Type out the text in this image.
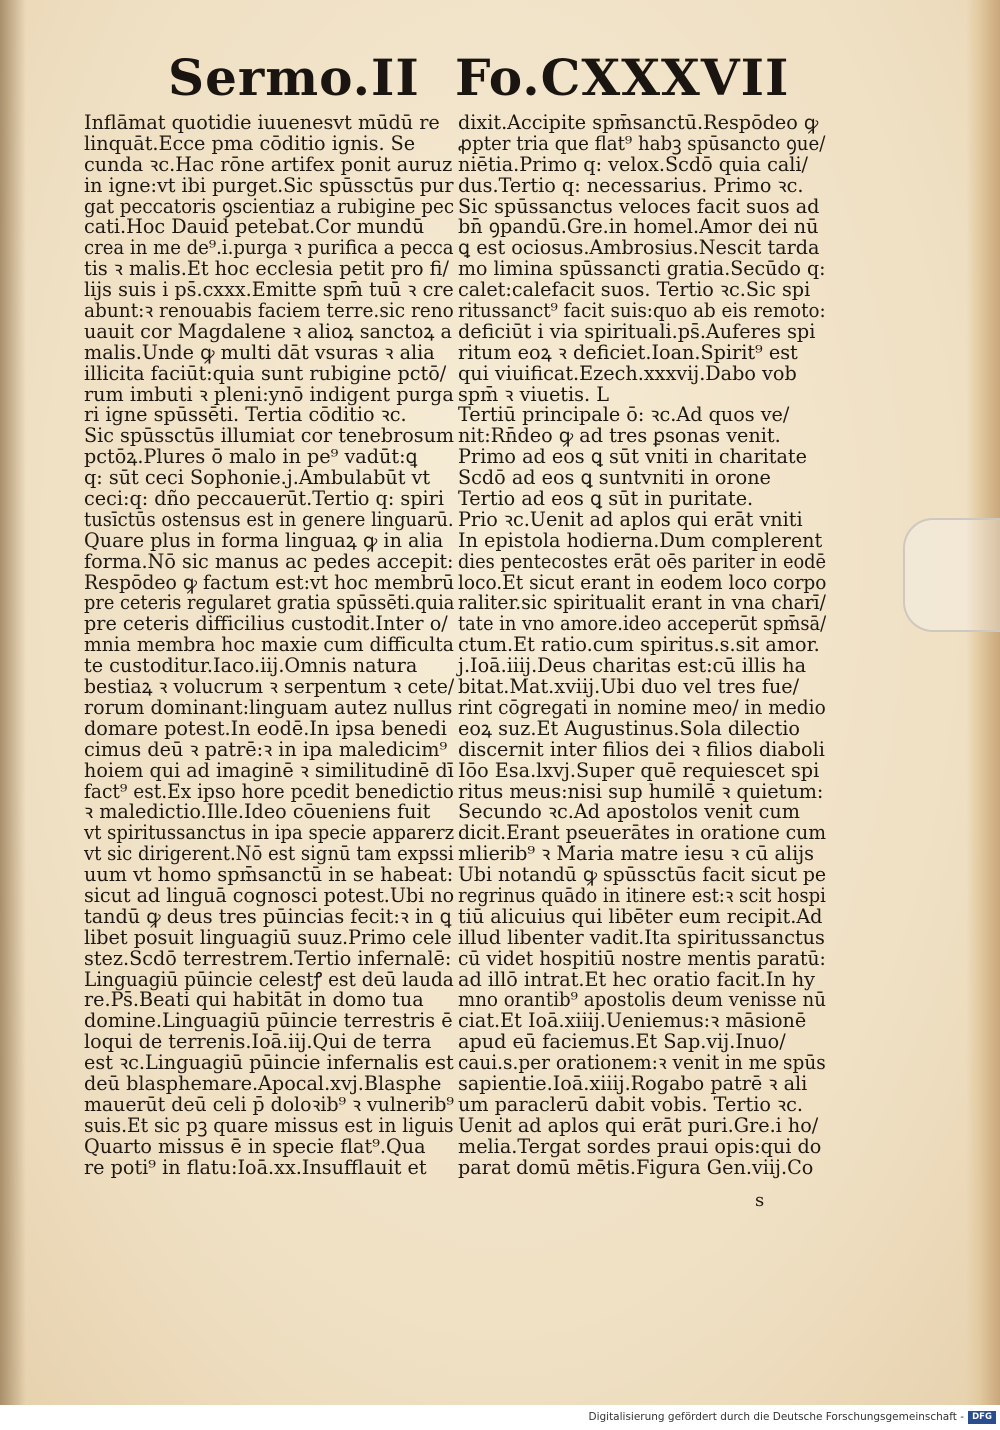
Sermo.II Fo.CXXXVII
Inflāmat quotidie iuuenesvt mūdū re
linquāt.Ecce pma cōditio ignis. Se
cunda ꝛc.Hac rōne artifex ponit auruz
in igne:vt ibi purget.Sic spūssctūs pur
gat peccatoris ꝯscientiaz a rubigine pec
cati.Hoc Dauid petebat.Cor mundū
crea in me de⁹.i.purga ꝛ purifica a pecca
tis ꝛ malis.Et hoc ecclesia petit pro fi/
lijs suis i ps̄.cxxx.Emitte spm̄ tuū ꝛ cre
abunt:ꝛ renouabis faciem terre.sic reno
uauit cor Magdalene ꝛ alioꝝ sanctoꝝ a
malis.Unde ꝙ multi dāt vsuras ꝛ alia
illicita faciūt:quia sunt rubigine pctō/
rum imbuti ꝛ pleni:ynō indigent purga
ri igne spūssēti. Tertia cōditio ꝛc.
Sic spūssctūs illumiat cor tenebrosum
pctōꝝ.Plures ō malo in pe⁹ vadūt:ꝗ
q: sūt ceci Sophonie.j.Ambulabūt vt
ceci:q: dño peccauerūt.Tertio q: spiri
tusīctūs ostensus est in genere linguarū.
Quare plus in forma linguaꝝ ꝙ in alia
forma.Nō sic manus ac pedes accepit:
Respōdeo ꝙ factum est:vt hoc membrū
pre ceteris regularet gratia spūssēti.quia
pre ceteris difficilius custodit.Inter o/
mnia membra hoc maxie cum difficulta
te custoditur.Iaco.iij.Omnis natura
bestiaꝝ ꝛ volucrum ꝛ serpentum ꝛ cete/
rorum dominant:linguam autez nullus
domare potest.In eodē.In ipsa benedi
cimus deū ꝛ patrē:ꝛ in ipa maledicim⁹
hoiem qui ad imaginē ꝛ similitudinē dī
fact⁹ est.Ex ipso hore pcedit benedictio
ꝛ maledictio.Ille.Ideo cōueniens fuit
vt spiritussanctus in ipa specie apparerz
vt sic dirigerent.Nō est signū tam expssi
uum vt homo spm̄sanctū in se habeat:
sicut ad linguā cognosci potest.Ubi no
tandū ꝙ deus tres pūincias fecit:ꝛ in ꝗ
libet posuit linguagiū suuz.Primo cele
stez.Scdō terrestrem.Tertio infernalē:
Linguagiū pūincie celestꝭ est deū lauda
re.Ps̄.Beati qui habitāt in domo tua
domine.Linguagiū pūincie terrestris ē
loqui de terrenis.Ioā.iij.Qui de terra
est ꝛc.Linguagiū pūincie infernalis est
deū blasphemare.Apocal.xvj.Blasphe
mauerūt deū celi p̄ doloꝛib⁹ ꝛ vulnerib⁹
suis.Et sic pꝫ quare missus est in liguis
Quarto missus ē in specie flat⁹.Qua
re poti⁹ in flatu:Ioā.xx.Insufflauit et
dixit.Accipite spm̄sanctū.Respōdeo ꝙ
ꝓpter tria que flat⁹ habꝫ spūsancto ꝯue/
niētia.Primo q: velox.Scdō quia cali/
dus.Tertio q: necessarius. Primo ꝛc.
Sic spūssanctus veloces facit suos ad
bn̄ ꝯpandū.Gre.in homel.Amor dei nū
ꝗ est ociosus.Ambrosius.Nescit tarda
mo limina spūssancti gratia.Secūdo q:
calet:calefacit suos. Tertio ꝛc.Sic spi
ritussanct⁹ facit suis:quo ab eis remoto:
deficiūt i via spirituali.ps̄.Auferes spi
ritum eoꝝ ꝛ deficiet.Ioan.Spirit⁹ est
qui viuificat.Ezech.xxxvij.Dabo vob
spm̄ ꝛ viuetis. L
Tertiū principale ō: ꝛc.Ad quos ve/
nit:Rn̄deo ꝙ ad tres ꝑsonas venit.
Primo ad eos ꝗ sūt vniti in charitate
Scdō ad eos ꝗ suntvniti in orone
Tertio ad eos ꝗ sūt in puritate.
Prio ꝛc.Uenit ad aplos qui erāt vniti
In epistola hodierna.Dum complerent
dies pentecostes erāt oēs pariter in eodē
loco.Et sicut erant in eodem loco corpo
raliter.sic spiritualit erant in vna charī/
tate in vno amore.ideo acceperūt spm̄sā/
ctum.Et ratio.cum spiritus.s.sit amor.
j.Ioā.iiij.Deus charitas est:cū illis ha
bitat.Mat.xviij.Ubi duo vel tres fue/
rint cōgregati in nomine meo/ in medio
eoꝝ suz.Et Augustinus.Sola dilectio
discernit inter filios dei ꝛ filios diaboli
Iōo Esa.lxvj.Super quē requiescet spi
ritus meus:nisi sup humilē ꝛ quietum:
Secundo ꝛc.Ad apostolos venit cum
dicit.Erant pseuerātes in oratione cum
mlierib⁹ ꝛ Maria matre iesu ꝛ cū alijs
Ubi notandū ꝙ spūssctūs facit sicut pe
regrinus quādo in itinere est:ꝛ scit hospi
tiū alicuius qui libēter eum recipit.Ad
illud libenter vadit.Ita spiritussanctus
cū videt hospitiū nostre mentis paratū:
ad illō intrat.Et hec oratio facit.In hy
mno orantib⁹ apostolis deum venisse nū
ciat.Et Ioā.xiiij.Ueniemus:ꝛ māsionē
apud eū faciemus.Et Sap.vij.Inuo/
caui.s.per orationem:ꝛ venit in me spūs
sapientie.Ioā.xiiij.Rogabo patrē ꝛ ali
um paraclerū dabit vobis. Tertio ꝛc.
Uenit ad aplos qui erāt puri.Gre.i ho/
melia.Tergat sordes praui opis:qui do
parat domū mētis.Figura Gen.viij.Co
s
Digitalisierung gefördert durch die Deutsche Forschungsgemeinschaft - DFG
